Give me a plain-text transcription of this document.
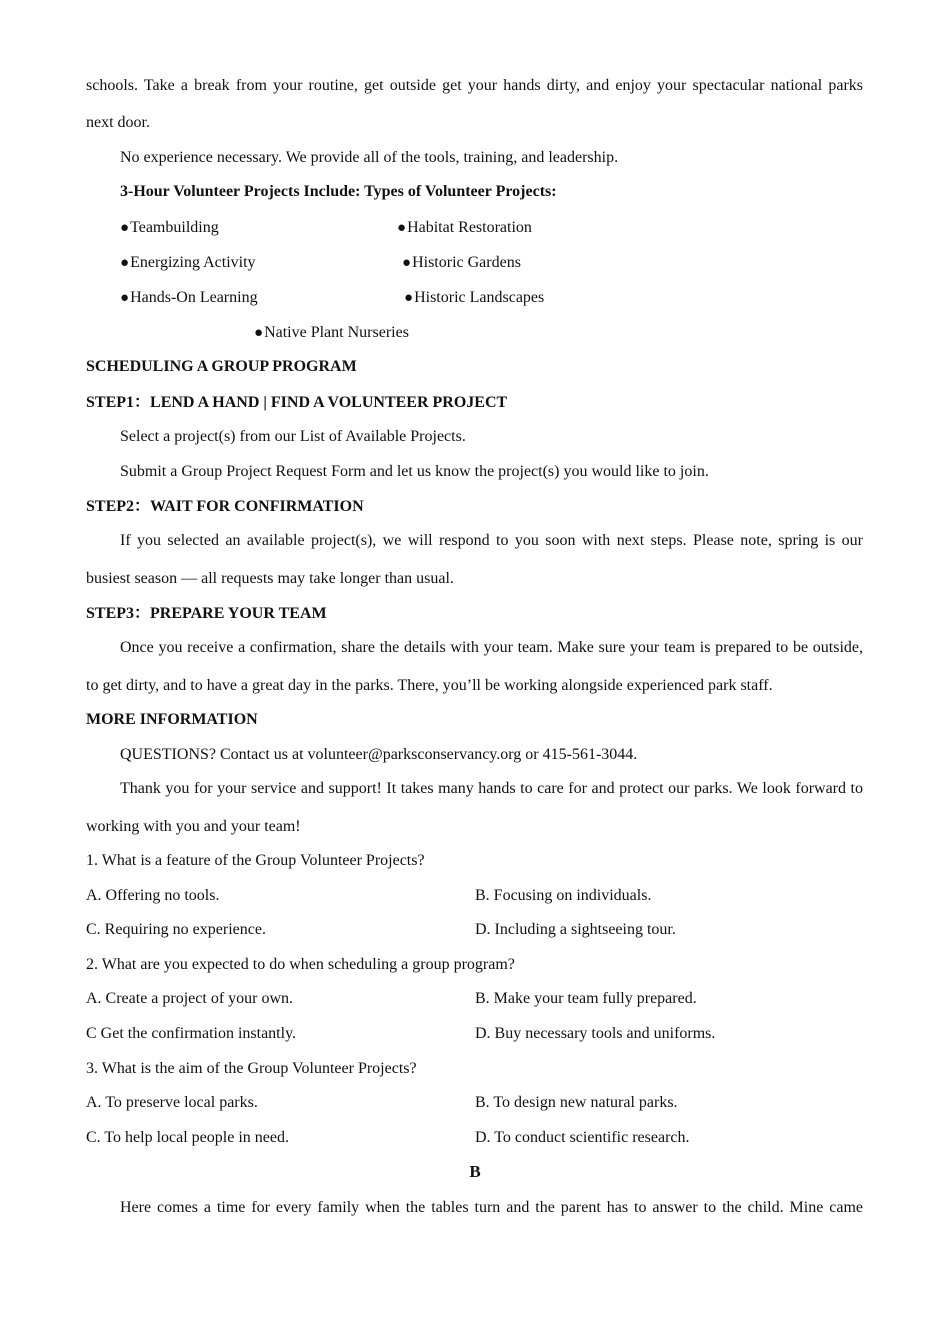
schools. Take a break from your routine, get outside get your hands dirty, and enjoy your spectacular national parks
next door.
No experience necessary. We provide all of the tools, training, and leadership.
3-Hour Volunteer Projects Include: Types of Volunteer Projects:
● Teambuilding
● Energizing Activity
● Hands-On Learning
● Habitat Restoration
● Historic Gardens
● Historic Landscapes
● Native Plant Nurseries
SCHEDULING A GROUP PROGRAM
STEP1：LEND A HAND | FIND A VOLUNTEER PROJECT
Select a project(s) from our List of Available Projects.
Submit a Group Project Request Form and let us know the project(s) you would like to join.
STEP2：WAIT FOR CONFIRMATION
If you selected an available project(s), we will respond to you soon with next steps. Please note, spring is our
busiest season — all requests may take longer than usual.
STEP3：PREPARE YOUR TEAM
Once you receive a confirmation, share the details with your team. Make sure your team is prepared to be outside,
to get dirty, and to have a great day in the parks. There, you’ll be working alongside experienced park staff.
MORE INFORMATION
QUESTIONS? Contact us at volunteer@parksconservancy.org or 415-561-3044.
Thank you for your service and support! It takes many hands to care for and protect our parks. We look forward to
working with you and your team!
1. What is a feature of the Group Volunteer Projects?
A. Offering no tools.	B. Focusing on individuals.
C. Requiring no experience.	D. Including a sightseeing tour.
2. What are you expected to do when scheduling a group program?
A. Create a project of your own.	B. Make your team fully prepared.
C Get the confirmation instantly.	D. Buy necessary tools and uniforms.
3. What is the aim of the Group Volunteer Projects?
A. To preserve local parks.	B. To design new natural parks.
C. To help local people in need.	D. To conduct scientific research.
B
Here comes a time for every family when the tables turn and the parent has to answer to the child. Mine came
